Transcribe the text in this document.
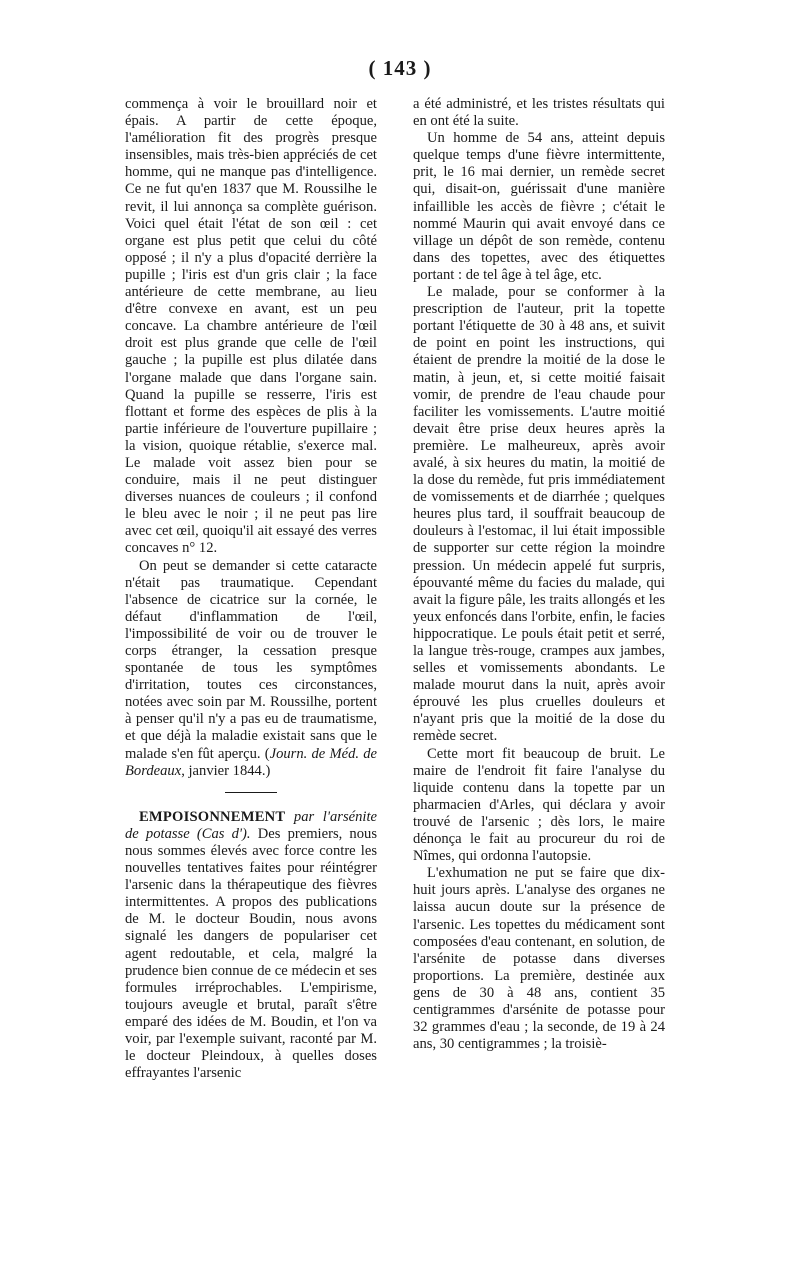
( 143 )

commença à voir le brouillard noir et épais. A partir de cette époque, l'amélioration fit des progrès presque insensibles, mais très-bien appréciés de cet homme, qui ne manque pas d'intelligence. Ce ne fut qu'en 1837 que M. Roussilhe le revit, il lui annonça sa complète guérison. Voici quel était l'état de son œil : cet organe est plus petit que celui du côté opposé ; il n'y a plus d'opacité derrière la pupille ; l'iris est d'un gris clair ; la face antérieure de cette membrane, au lieu d'être convexe en avant, est un peu concave. La chambre antérieure de l'œil droit est plus grande que celle de l'œil gauche ; la pupille est plus dilatée dans l'organe malade que dans l'organe sain. Quand la pupille se resserre, l'iris est flottant et forme des espèces de plis à la partie inférieure de l'ouverture pupillaire ; la vision, quoique rétablie, s'exerce mal. Le malade voit assez bien pour se conduire, mais il ne peut distinguer diverses nuances de couleurs ; il confond le bleu avec le noir ; il ne peut pas lire avec cet œil, quoiqu'il ait essayé des verres concaves n° 12.

On peut se demander si cette cataracte n'était pas traumatique. Cependant l'absence de cicatrice sur la cornée, le défaut d'inflammation de l'œil, l'impossibilité de voir ou de trouver le corps étranger, la cessation presque spontanée de tous les symptômes d'irritation, toutes ces circonstances, notées avec soin par M. Roussilhe, portent à penser qu'il n'y a pas eu de traumatisme, et que déjà la maladie existait sans que le malade s'en fût aperçu. (Journ. de Méd. de Bordeaux, janvier 1844.)

EMPOISONNEMENT par l'arsénite de potasse (Cas d'). Des premiers, nous nous sommes élevés avec force contre les nouvelles tentatives faites pour réintégrer l'arsenic dans la thérapeutique des fièvres intermittentes. A propos des publications de M. le docteur Boudin, nous avons signalé les dangers de populariser cet agent redoutable, et cela, malgré la prudence bien connue de ce médecin et ses formules irréprochables. L'empirisme, toujours aveugle et brutal, paraît s'être emparé des idées de M. Boudin, et l'on va voir, par l'exemple suivant, raconté par M. le docteur Pleindoux, à quelles doses effrayantes l'arsenic

a été administré, et les tristes résultats qui en ont été la suite.

Un homme de 54 ans, atteint depuis quelque temps d'une fièvre intermittente, prit, le 16 mai dernier, un remède secret qui, disait-on, guérissait d'une manière infaillible les accès de fièvre ; c'était le nommé Maurin qui avait envoyé dans ce village un dépôt de son remède, contenu dans des topettes, avec des étiquettes portant : de tel âge à tel âge, etc.

Le malade, pour se conformer à la prescription de l'auteur, prit la topette portant l'étiquette de 30 à 48 ans, et suivit de point en point les instructions, qui étaient de prendre la moitié de la dose le matin, à jeun, et, si cette moitié faisait vomir, de prendre de l'eau chaude pour faciliter les vomissements. L'autre moitié devait être prise deux heures après la première. Le malheureux, après avoir avalé, à six heures du matin, la moitié de la dose du remède, fut pris immédiatement de vomissements et de diarrhée ; quelques heures plus tard, il souffrait beaucoup de douleurs à l'estomac, il lui était impossible de supporter sur cette région la moindre pression. Un médecin appelé fut surpris, épouvanté même du facies du malade, qui avait la figure pâle, les traits allongés et les yeux enfoncés dans l'orbite, enfin, le facies hippocratique. Le pouls était petit et serré, la langue très-rouge, crampes aux jambes, selles et vomissements abondants. Le malade mourut dans la nuit, après avoir éprouvé les plus cruelles douleurs et n'ayant pris que la moitié de la dose du remède secret.

Cette mort fit beaucoup de bruit. Le maire de l'endroit fit faire l'analyse du liquide contenu dans la topette par un pharmacien d'Arles, qui déclara y avoir trouvé de l'arsenic ; dès lors, le maire dénonça le fait au procureur du roi de Nîmes, qui ordonna l'autopsie.

L'exhumation ne put se faire que dix-huit jours après. L'analyse des organes ne laissa aucun doute sur la présence de l'arsenic. Les topettes du médicament sont composées d'eau contenant, en solution, de l'arsénite de potasse dans diverses proportions. La première, destinée aux gens de 30 à 48 ans, contient 35 centigrammes d'arsénite de potasse pour 32 grammes d'eau ; la seconde, de 19 à 24 ans, 30 centigrammes ; la troisiè-
